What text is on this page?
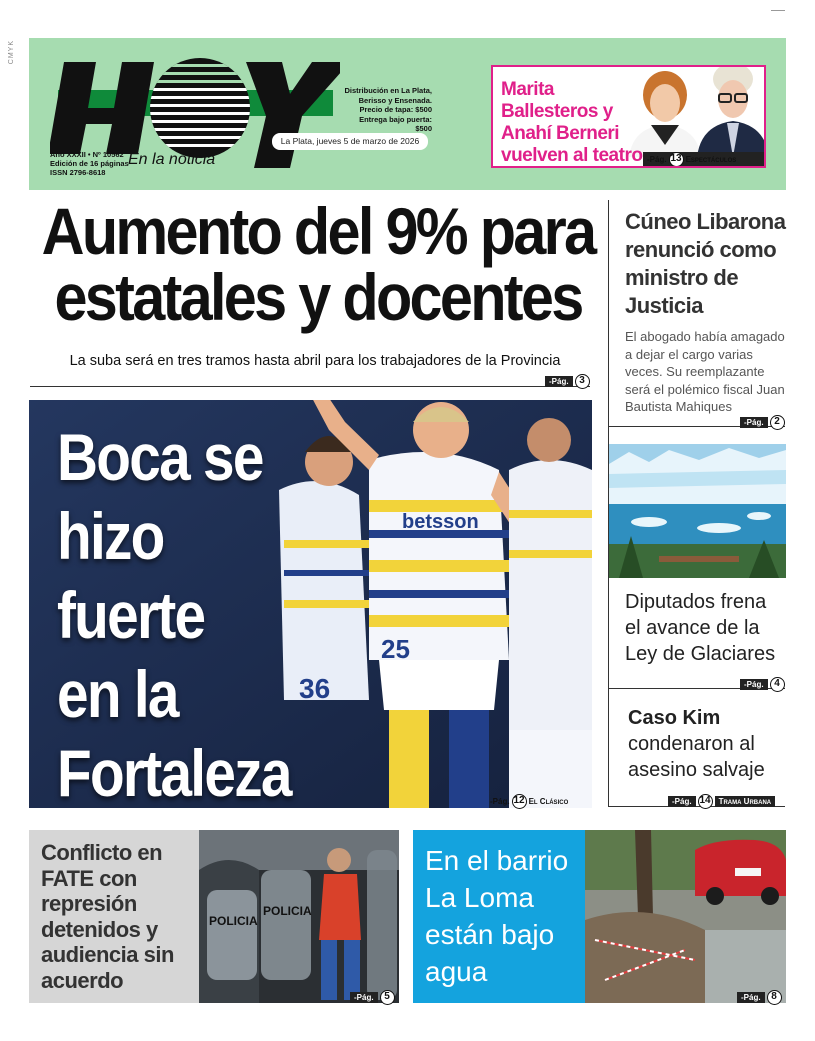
CMYK
En la noticia
Año XXXII • Nº 10562
Edición de 16 páginas
ISSN 2796-8618
Distribución en La Plata,
Berisso y Ensenada.
Precio de tapa: $500
Entrega bajo puerta: $500
La Plata, jueves 5 de marzo de 2026
Marita Ballesteros y Anahí Berneri vuelven al teatro -Pág. 13 Espectáculos
Aumento del 9% para estatales y docentes
La suba será en tres tramos hasta abril para los trabajadores de la Provincia
-Pág. 3
36
betsson
25
Boca se hizo fuerte en la Fortaleza	-Pág. 12 El Clásico
Cúneo Libarona renunció como ministro de Justicia
El abogado había amagado a dejar el cargo varias veces. Su reemplazante será el polémico fiscal Juan Bautista Mahiques
-Pág. 2
Diputados frena el avance de la Ley de Glaciares
-Pág. 4
Caso Kim
condenaron al asesino salvaje
-Pág. 14 Trama Urbana
Conflicto en FATE con represión detenidos y audiencia sin acuerdo
POLICIA
POLICIA
-Pág. 5
En el barrio La Loma están bajo agua
-Pág. 8
